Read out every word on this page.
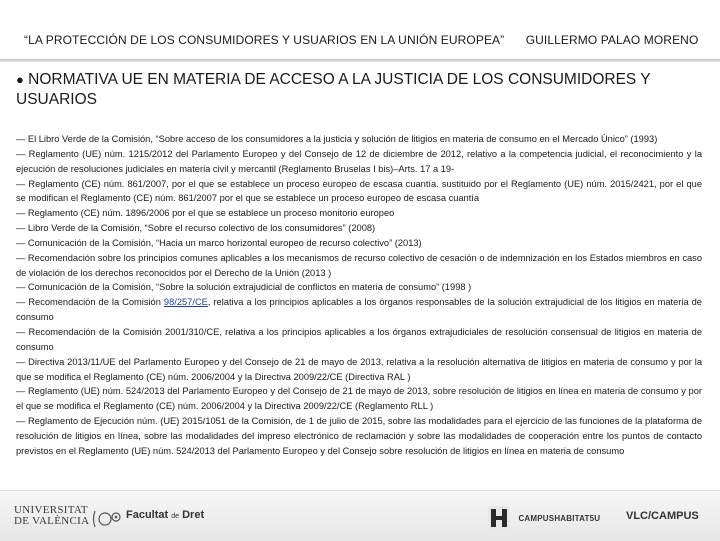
“LA PROTECCIÓN DE LOS CONSUMIDORES Y USUARIOS EN LA UNIÓN EUROPEA” GUILLERMO PALAO MORENO
● NORMATIVA UE EN MATERIA DE ACCESO A LA JUSTICIA DE LOS CONSUMIDORES Y USUARIOS

— El Libro Verde de la Comisión, “Sobre acceso de los consumidores a la justicia y solución de litigios en materia de consumo en el Mercado Único” (1993)

— Reglamento (UE) núm. 1215/2012 del Parlamento Europeo y del Consejo de 12 de diciembre de 2012, relativo a la competencia judicial, el reconocimiento y la ejecución de resoluciones judiciales en materia civil y mercantil (Reglamento Bruselas I bis)–Arts. 17 a 19-

— Reglamento (CE) núm. 861/2007, por el que se establece un proceso europeo de escasa cuantía. sustituido por el Reglamento (UE) núm. 2015/2421, por el que se modifican el Reglamento (CE) núm. 861/2007 por el que se establece un proceso europeo de escasa cuantía

— Reglamento (CE) núm. 1896/2006 por el que se establece un proceso monitorio europeo

— Libro Verde de la Comisión, “Sobre el recurso colectivo de los consumidores” (2008)

— Comunicación de la Comisión, “Hacia un marco horizontal europeo de recurso colectivo” (2013)

— Recomendación sobre los principios comunes aplicables a los mecanismos de recurso colectivo de cesación o de indemnización en los Estados miembros en caso de violación de los derechos reconocidos por el Derecho de la Unión (2013 )

— Comunicación de la Comisión, “Sobre la solución extrajudicial de conflictos en materia de consumo” (1998 )

— Recomendación de la Comisión 98/257/CE, relativa a los principios aplicables a los órganos responsables de la solución extrajudicial de los litigios en materia de consumo

— Recomendación de la Comisión 2001/310/CE, relativa a los principios aplicables a los órganos extrajudiciales de resolución consensual de litigios en materia de consumo

— Directiva 2013/11/UE del Parlamento Europeo y del Consejo de 21 de mayo de 2013, relativa a la resolución alternativa de litigios en materia de consumo y por la que se modifica el Reglamento (CE) núm. 2006/2004 y la Directiva 2009/22/CE (Directiva RAL )

— Reglamento (UE) núm. 524/2013 del Parlamento Europeo y del Consejo de 21 de mayo de 2013, sobre resolución de litigios en línea en materia de consumo y por el que se modifica el Reglamento (CE) núm. 2006/2004 y la Directiva 2009/22/CE (Reglamento RLL )

— Reglamento de Ejecución núm. (UE) 2015/1051 de la Comisión, de 1 de julio de 2015, sobre las modalidades para el ejercicio de las funciones de la plataforma de resolución de litigios en línea, sobre las modalidades del impreso electrónico de reclamación y sobre las modalidades de cooperación entre los puntos de contacto previstos en el Reglamento (UE) núm. 524/2013 del Parlamento Europeo y del Consejo sobre resolución de litigios en línea en materia de consumo

UNIVERSITAT
DE VALÈNCIA	Facultat de Dret	CAMPUSHABITAT5U VLC/CAMPUS
